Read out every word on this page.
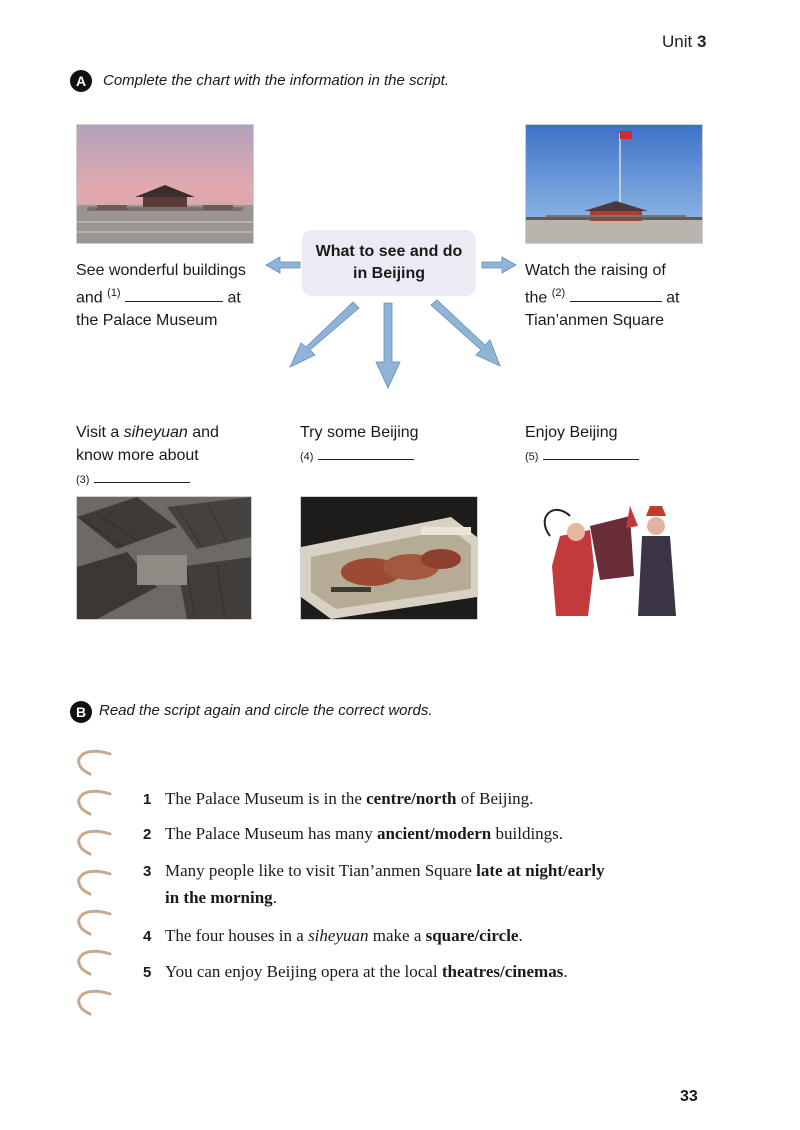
Unit 3
A	Complete the chart with the information in the script.
What to see and do
in Beijing
See wonderful buildings
and $^{(1)}$	at
the Palace Museum
Watch the raising of
the $^{(2)}$	at
Tian’anmen Square
Visit a siheyuan and
know more about
(3)
Try some Beijing
(4)
Enjoy Beijing
(5)
B Read the script again and circle the correct words.
1 The Palace Museum is in the centre/north of Beijing.
2 The Palace Museum has many ancient/modern buildings.
3 Many people like to visit Tian’anmen Square late at night/early
in the morning.
4 The four houses in a siheyuan make a square/circle.
5 You can enjoy Beijing opera at the local theatres/cinemas.
33
